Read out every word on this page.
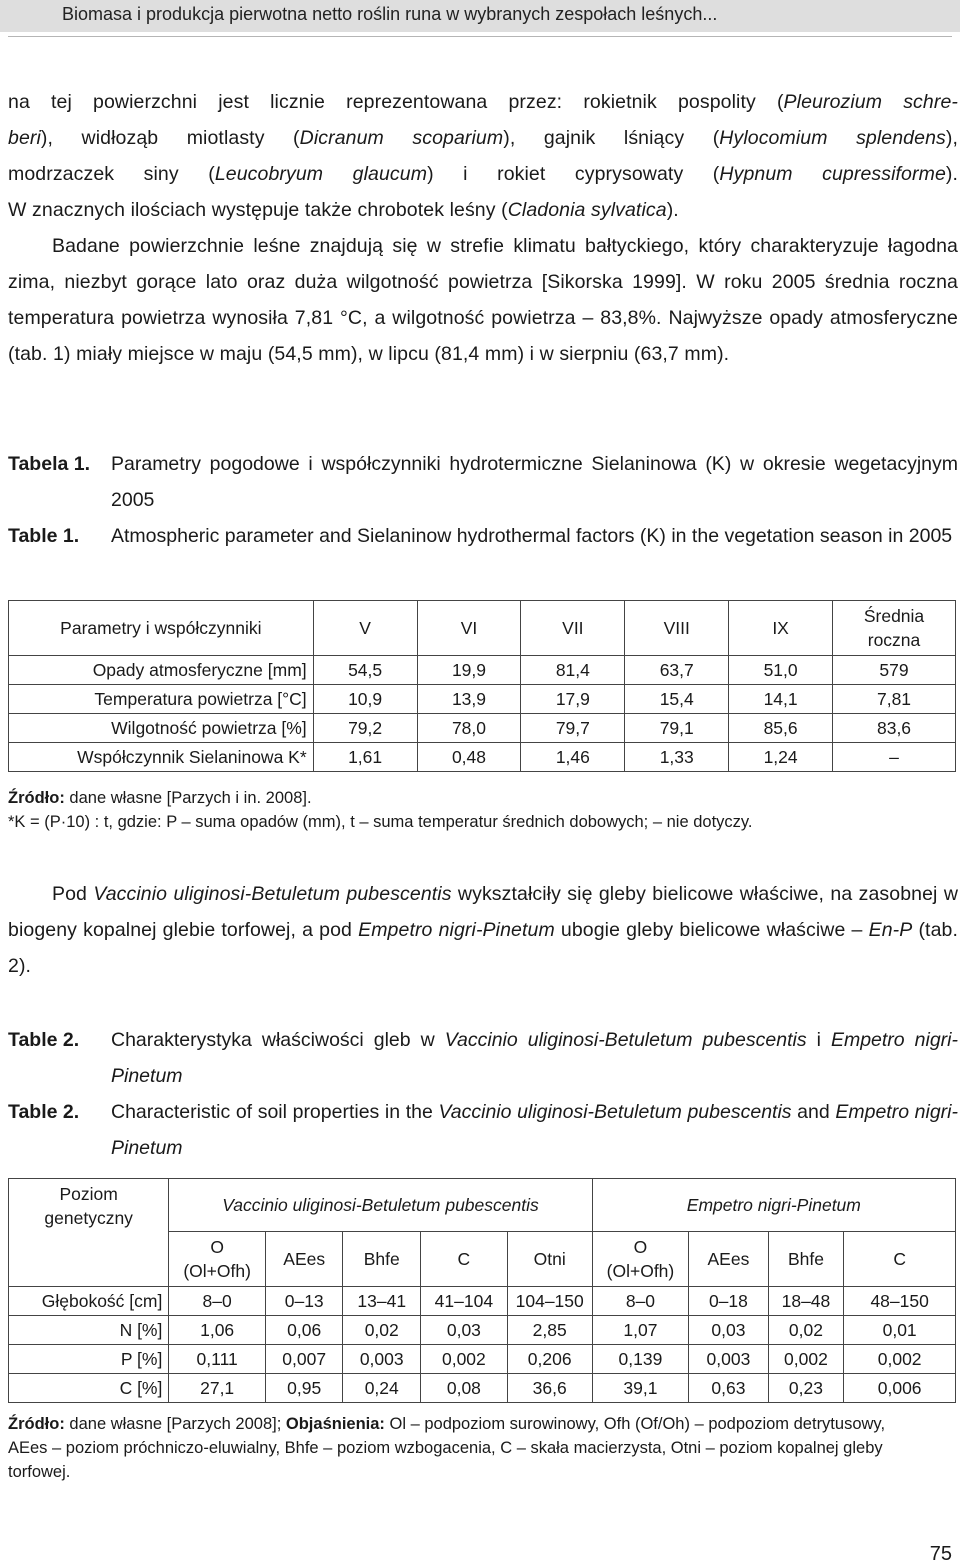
Biomasa i produkcja pierwotna netto roślin runa w wybranych zespołach leśnych...

na tej powierzchni jest licznie reprezentowana przez: rokietnik pospolity (Pleurozium schre-

beri), widłoząb miotlasty (Dicranum scoparium), gajnik lśniący (Hylocomium splendens),

modrzaczek siny (Leucobryum glaucum) i rokiet cyprysowaty (Hypnum cupressiforme).

W znacznych ilościach występuje także chrobotek leśny (Cladonia sylvatica).

Badane powierzchnie leśne znajdują się w strefie klimatu bałtyckiego, który charakteryzuje łagodna zima, niezbyt gorące lato oraz duża wilgotność powietrza [Sikorska 1999]. W roku 2005 średnia roczna temperatura powietrza wynosiła 7,81 °C, a wilgotność powietrza – 83,8%. Najwyższe opady atmosferyczne (tab. 1) miały miejsce w maju (54,5 mm), w lipcu (81,4 mm) i w sierpniu (63,7 mm).

Tabela 1. Parametry pogodowe i współczynniki hydrotermiczne Sielaninowa (K) w okresie wegetacyjnym 2005
Table 1. Atmospheric parameter and Sielaninow hydrothermal factors (K) in the vegetation season in 2005
Parametry i współczynniki	V	VI	VII	VIII	IX	Średnia roczna
Opady atmosferyczne [mm]	54,5	19,9	81,4	63,7	51,0	579
Temperatura powietrza [°C]	10,9	13,9	17,9	15,4	14,1	7,81
Wilgotność powietrza [%]	79,2	78,0	79,7	79,1	85,6	83,6
Współczynnik Sielaninowa K*	1,61	0,48	1,46	1,33	1,24	–
Źródło: dane własne [Parzych i in. 2008].
*K = (P·10) : t, gdzie: P – suma opadów (mm), t – suma temperatur średnich dobowych; – nie dotyczy.

Pod Vaccinio uliginosi-Betuletum pubescentis wykształciły się gleby bielicowe właściwe, na zasobnej w biogeny kopalnej glebie torfowej, a pod Empetro nigri-Pinetum ubogie gleby bielicowe właściwe – En-P (tab. 2).

Table 2. Charakterystyka właściwości gleb w Vaccinio uliginosi-Betuletum pubescentis i Empetro nigri-Pinetum
Table 2. Characteristic of soil properties in the Vaccinio uliginosi-Betuletum pubescentis and Empetro nigri-Pinetum
Poziom genetyczny	Vaccinio uliginosi-Betuletum pubescentis					Empetro nigri-Pinetum			
	O (Ol+Ofh)	AEes	Bhfe	C	Otni	O (Ol+Ofh)	AEes	Bhfe	C
Głębokość [cm]	8–0	0–13	13–41	41–104	104–150	8–0	0–18	18–48	48–150
N [%]	1,06	0,06	0,02	0,03	2,85	1,07	0,03	0,02	0,01
P [%]	0,111	0,007	0,003	0,002	0,206	0,139	0,003	0,002	0,002
C [%]	27,1	0,95	0,24	0,08	36,6	39,1	0,63	0,23	0,006
Źródło: dane własne [Parzych 2008]; Objaśnienia: Ol – podpoziom surowinowy, Ofh (Of/Oh) – podpoziom detrytusowy, AEes – poziom próchniczo-eluwialny, Bhfe – poziom wzbogacenia, C – skała macierzysta, Otni – poziom kopalnej gleby torfowej.
75
